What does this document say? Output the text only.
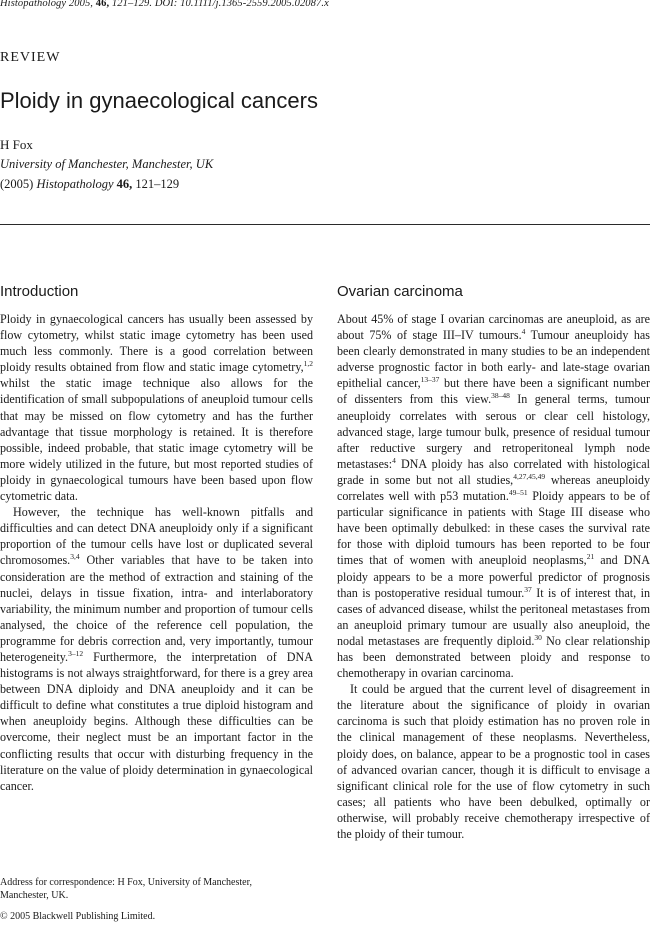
Histopathology 2005, 46, 121–129. DOI: 10.1111/j.1365-2559.2005.02087.x
REVIEW
Ploidy in gynaecological cancers
H Fox
University of Manchester, Manchester, UK
(2005) Histopathology 46, 121–129
Introduction

Ploidy in gynaecological cancers has usually been assessed by flow cytometry, whilst static image cytometry has been used much less commonly. There is a good correlation between ploidy results obtained from flow and static image cytometry,$^{1,2}$ whilst the static image technique also allows for the identification of small subpopulations of aneuploid tumour cells that may be missed on flow cytometry and has the further advantage that tissue morphology is retained. It is therefore possible, indeed probable, that static image cytometry will be more widely utilized in the future, but most reported studies of ploidy in gynaecological tumours have been based upon flow cytometric data.

However, the technique has well-known pitfalls and difficulties and can detect DNA aneuploidy only if a significant proportion of the tumour cells have lost or duplicated several chromosomes.$^{3,4}$ Other variables that have to be taken into consideration are the method of extraction and staining of the nuclei, delays in tissue fixation, intra- and interlaboratory variability, the minimum number and proportion of tumour cells analysed, the choice of the reference cell population, the programme for debris correction and, very importantly, tumour heterogeneity.$^{3-12}$ Furthermore, the interpretation of DNA histograms is not always straightforward, for there is a grey area between DNA diploidy and DNA aneuploidy and it can be difficult to define what constitutes a true diploid histogram and when aneuploidy begins. Although these difficulties can be overcome, their neglect must be an important factor in the conflicting results that occur with disturbing frequency in the literature on the value of ploidy determination in gynaecological cancer.

Ovarian carcinoma

About 45% of stage I ovarian carcinomas are aneuploid, as are about 75% of stage III–IV tumours.$^4$ Tumour aneuploidy has been clearly demonstrated in many studies to be an independent adverse prognostic factor in both early- and late-stage ovarian epithelial cancer,$^{13-37}$ but there have been a significant number of dissenters from this view.$^{38-48}$ In general terms, tumour aneuploidy correlates with serous or clear cell histology, advanced stage, large tumour bulk, presence of residual tumour after reductive surgery and retroperitoneal lymph node metastases:$^4$ DNA ploidy has also correlated with histological grade in some but not all studies,$^{4,27,45,49}$ whereas aneuploidy correlates well with p53 mutation.$^{49-51}$ Ploidy appears to be of particular significance in patients with Stage III disease who have been optimally debulked: in these cases the survival rate for those with diploid tumours has been reported to be four times that of women with aneuploid neoplasms,$^{21}$ and DNA ploidy appears to be a more powerful predictor of prognosis than is postoperative residual tumour.$^{37}$ It is of interest that, in cases of advanced disease, whilst the peritoneal metastases from an aneuploid primary tumour are usually also aneuploid, the nodal metastases are frequently diploid.$^{30}$ No clear relationship has been demonstrated between ploidy and response to chemotherapy in ovarian carcinoma.

It could be argued that the current level of disagreement in the literature about the significance of ploidy in ovarian carcinoma is such that ploidy estimation has no proven role in the clinical management of these neoplasms. Nevertheless, ploidy does, on balance, appear to be a prognostic tool in cases of advanced ovarian cancer, though it is difficult to envisage a significant clinical role for the use of flow cytometry in such cases; all patients who have been debulked, optimally or otherwise, will probably receive chemotherapy irrespective of the ploidy of their tumour.

Address for correspondence: H Fox, University of Manchester, Manchester, UK.
© 2005 Blackwell Publishing Limited.
